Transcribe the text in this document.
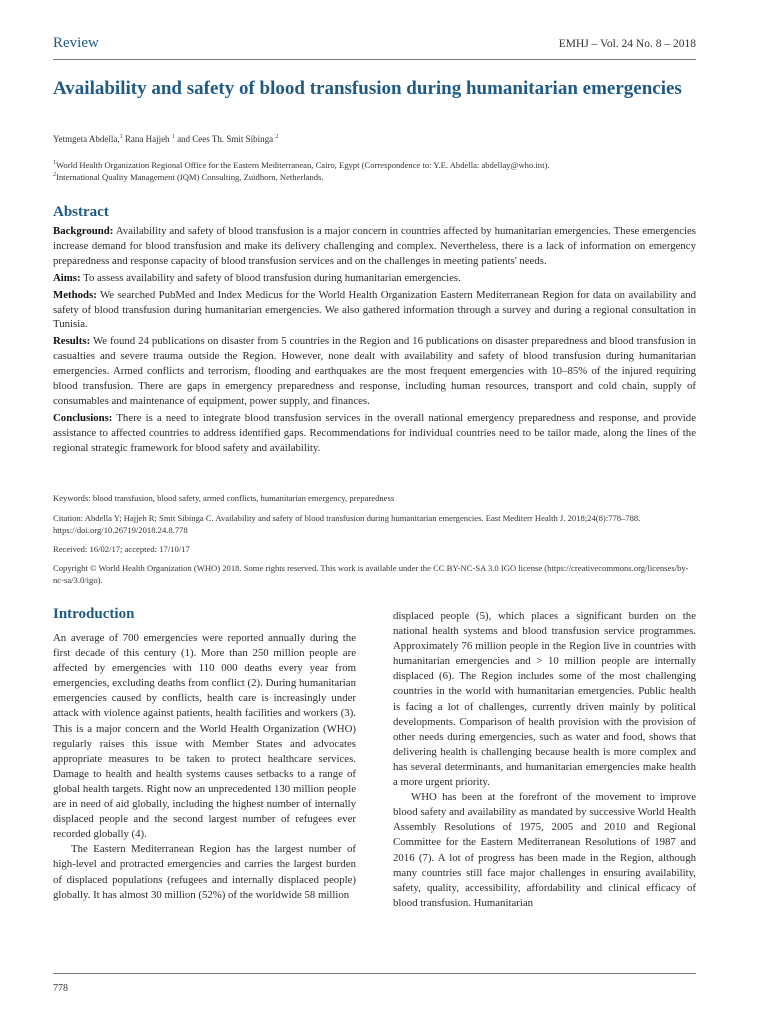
Review	EMHJ – Vol. 24 No. 8 – 2018
Availability and safety of blood transfusion during humanitarian emergencies
Yetmgeta Abdella,$^1$ Rana Hajjeh $^1$ and Cees Th. Smit Sibinga $^2$
$^1$World Health Organization Regional Office for the Eastern Mediterranean, Cairo, Egypt (Correspondence to: Y.E. Abdella: abdellay@who.int).
$^2$International Quality Management (IQM) Consulting, Zuidhorn, Netherlands.
Abstract

Background: Availability and safety of blood transfusion is a major concern in countries affected by humanitarian emergencies. These emergencies increase demand for blood transfusion and make its delivery challenging and complex. Nevertheless, there is a lack of information on emergency preparedness and response capacity of blood transfusion services and on the challenges in meeting patients' needs.

Aims: To assess availability and safety of blood transfusion during humanitarian emergencies.

Methods: We searched PubMed and Index Medicus for the World Health Organization Eastern Mediterranean Region for data on availability and safety of blood transfusion during humanitarian emergencies. We also gathered information through a survey and during a regional consultation in Tunisia.

Results: We found 24 publications on disaster from 5 countries in the Region and 16 publications on disaster preparedness and blood transfusion in casualties and severe trauma outside the Region. However, none dealt with availability and safety of blood transfusion during humanitarian emergencies. Armed conflicts and terrorism, flooding and earthquakes are the most frequent emergencies with 10–85% of the injured requiring blood transfusion. There are gaps in emergency preparedness and response, including human resources, transport and cold chain, supply of consumables and maintenance of equipment, power supply, and finances.

Conclusions: There is a need to integrate blood transfusion services in the overall national emergency preparedness and response, and provide assistance to affected countries to address identified gaps. Recommendations for individual countries need to be tailor made, along the lines of the regional strategic framework for blood safety and availability.

Keywords: blood transfusion, blood safety, armed conflicts, humanitarian emergency, preparedness

Citation: Abdella Y; Hajjeh R; Smit Sibinga C. Availability and safety of blood transfusion during humanitarian emergencies. East Mediterr Health J. 2018;24(8):778–788. https://doi.org/10.26719/2018.24.8.778

Received: 16/02/17; accepted: 17/10/17

Copyright © World Health Organization (WHO) 2018. Some rights reserved. This work is available under the CC BY-NC-SA 3.0 IGO license (https://creativecommons.org/licenses/by-nc-sa/3.0/igo).

Introduction

An average of 700 emergencies were reported annually during the first decade of this century (1). More than 250 million people are affected by emergencies with 110 000 deaths every year from emergencies, excluding deaths from conflict (2). During humanitarian emergencies caused by conflicts, health care is increasingly under attack with violence against patients, health facilities and workers (3). This is a major concern and the World Health Organization (WHO) regularly raises this issue with Member States and advocates appropriate measures to be taken to protect healthcare services. Damage to health and health systems causes setbacks to a range of global health targets. Right now an unprecedented 130 million people are in need of aid globally, including the highest number of internally displaced people and the second largest number of refugees ever recorded globally (4).

The Eastern Mediterranean Region has the largest number of high-level and protracted emergencies and carries the largest burden of displaced populations (refugees and internally displaced people) globally. It has almost 30 million (52%) of the worldwide 58 million

displaced people (5), which places a significant burden on the national health systems and blood transfusion service programmes. Approximately 76 million people in the Region live in countries with humanitarian emergencies and > 10 million people are internally displaced (6). The Region includes some of the most challenging countries in the world with humanitarian emergencies. Public health is facing a lot of challenges, currently driven mainly by political developments. Comparison of health provision with the provision of other needs during emergencies, such as water and food, shows that delivering health is challenging because health is more complex and has several determinants, and humanitarian emergencies make health a more urgent priority.

WHO has been at the forefront of the movement to improve blood safety and availability as mandated by successive World Health Assembly Resolutions of 1975, 2005 and 2010 and Regional Committee for the Eastern Mediterranean Resolutions of 1987 and 2016 (7). A lot of progress has been made in the Region, although many countries still face major challenges in ensuring availability, safety, quality, accessibility, affordability and clinical efficacy of blood transfusion. Humanitarian

778
